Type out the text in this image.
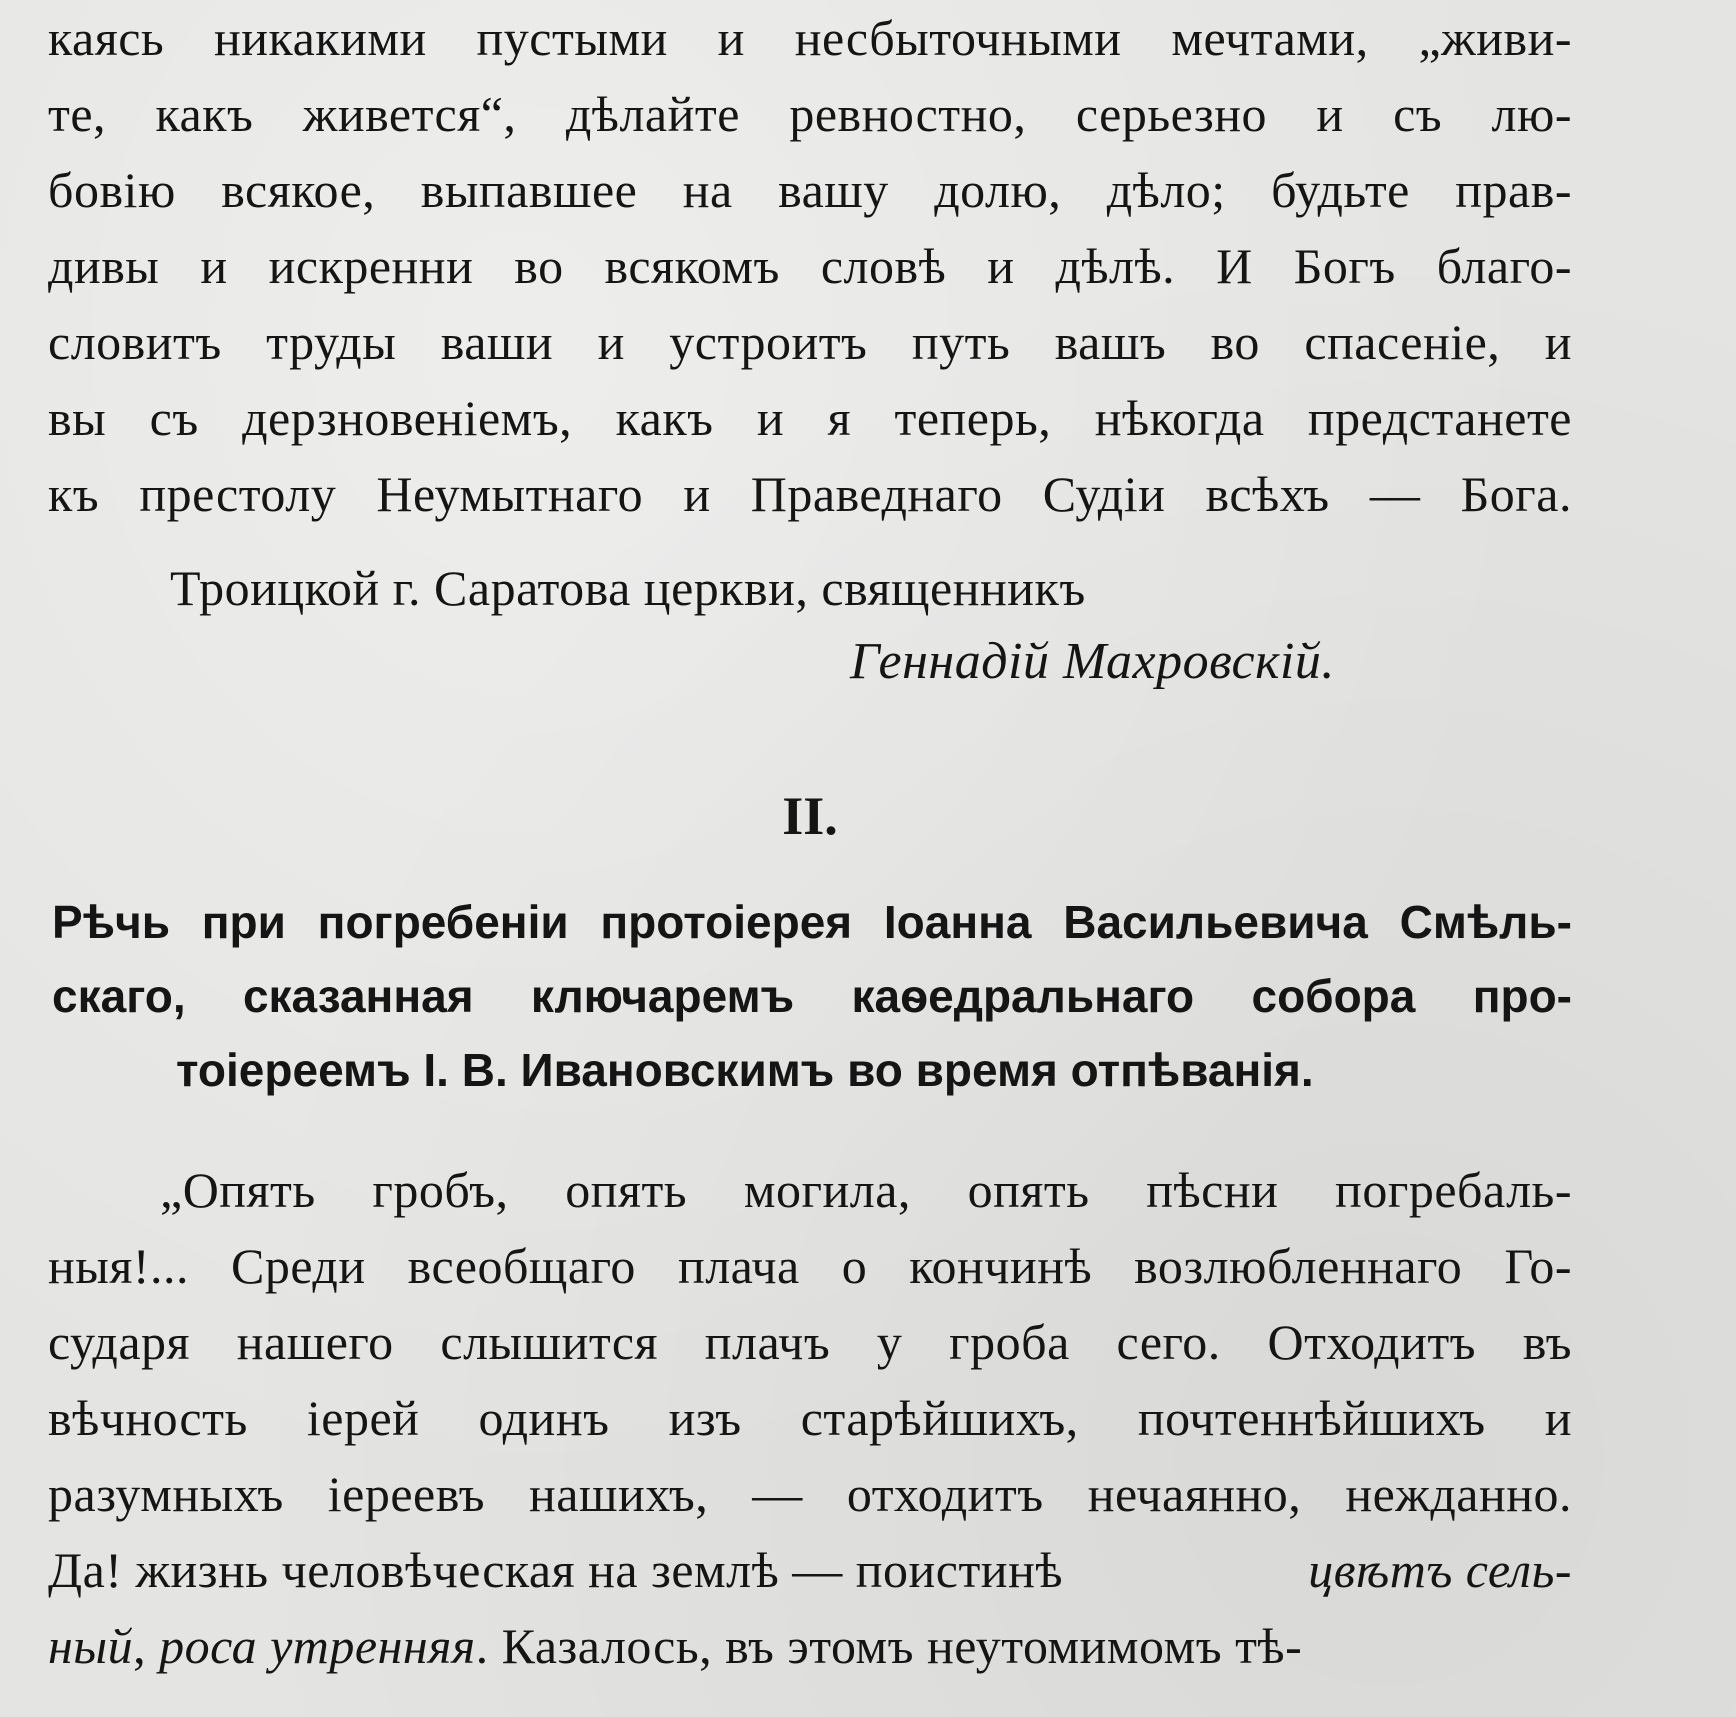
каясь никакими пустыми и несбыточными мечтами, „живи-
те, какъ живется“, дѣлайте ревностно, серьезно и съ лю-
бовію всякое, выпавшее на вашу долю, дѣло; будьте прав-
дивы и искренни во всякомъ словѣ и дѣлѣ. И Богъ благо-
словитъ труды ваши и устроитъ путь вашъ во спасеніе, и
вы съ дерзновеніемъ, какъ и я теперь, нѣкогда предстанете
къ престолу Неумытнаго и Праведнаго Судіи всѣхъ — Бога.
Троицкой г. Саратова церкви, священникъ
Геннадій Махровскій.
II.
Рѣчь при погребеніи протоіерея Іоанна Васильевича Смѣль-
скаго, сказанная ключаремъ каѳедральнаго собора про-
тоіереемъ І. В. Ивановскимъ во время отпѣванія.
„Опять гробъ, опять могила, опять пѣсни погребаль-
ныя!... Среди всеобщаго плача о кончинѣ возлюбленнаго Го-
сударя нашего слышится плачъ у гроба сего. Отходитъ въ
вѣчность іерей одинъ изъ старѣйшихъ, почтеннѣйшихъ и
разумныхъ іереевъ нашихъ, — отходитъ нечаянно, нежданно.
Да! жизнь человѣческая на землѣ — поистинѣ	цвѣтъ сель-
ный, роса утренняя. Казалось, въ этомъ неутомимомъ тѣ-
